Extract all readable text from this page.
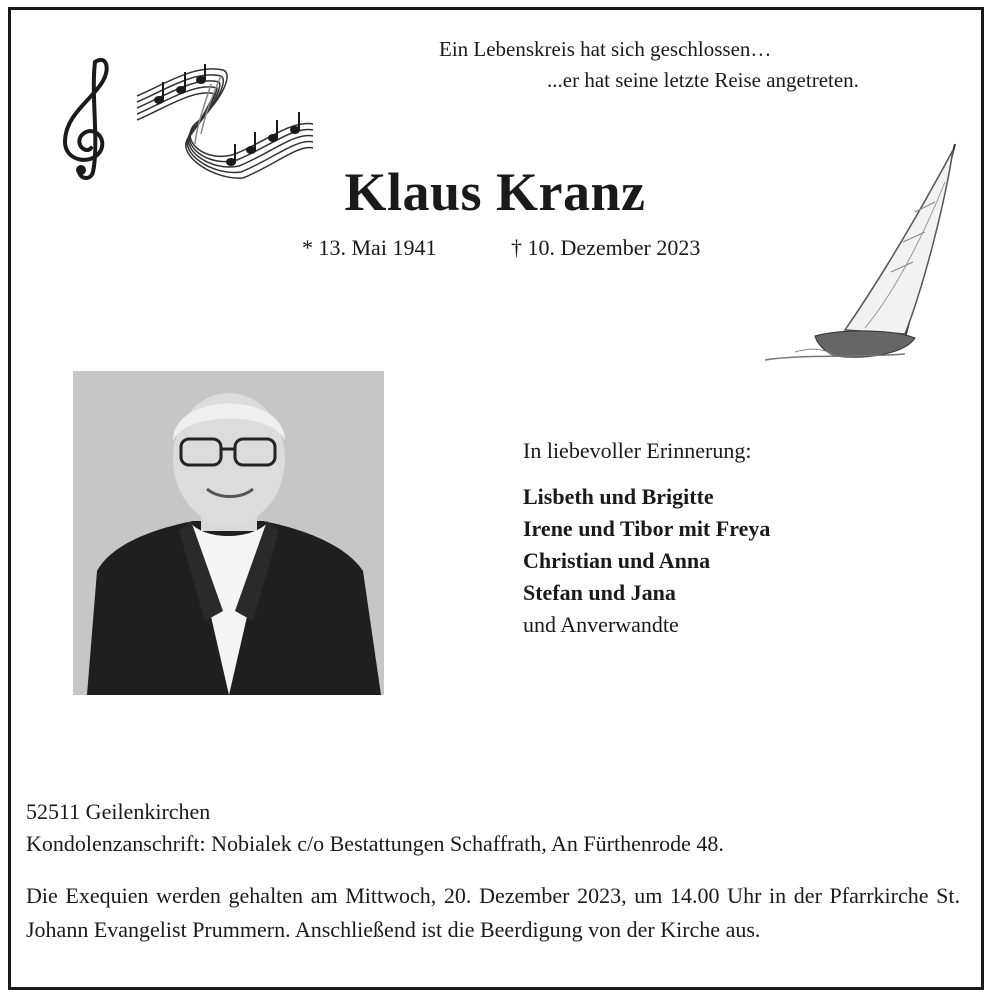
Ein Lebenskreis hat sich geschlossen…
...er hat seine letzte Reise angetreten.
Klaus Kranz
* 13. Mai 1941	† 10. Dezember 2023
In liebevoller Erinnerung:
Lisbeth und Brigitte
Irene und Tibor mit Freya
Christian und Anna
Stefan und Jana
und Anverwandte
52511 Geilenkirchen
Kondolenzanschrift: Nobialek c/o Bestattungen Schaffrath, An Fürthenrode 48.
Die Exequien werden gehalten am Mittwoch, 20. Dezember 2023, um 14.00 Uhr in der Pfarrkirche St. Johann Evangelist Prummern. Anschließend ist die Beerdigung von der Kirche aus.
